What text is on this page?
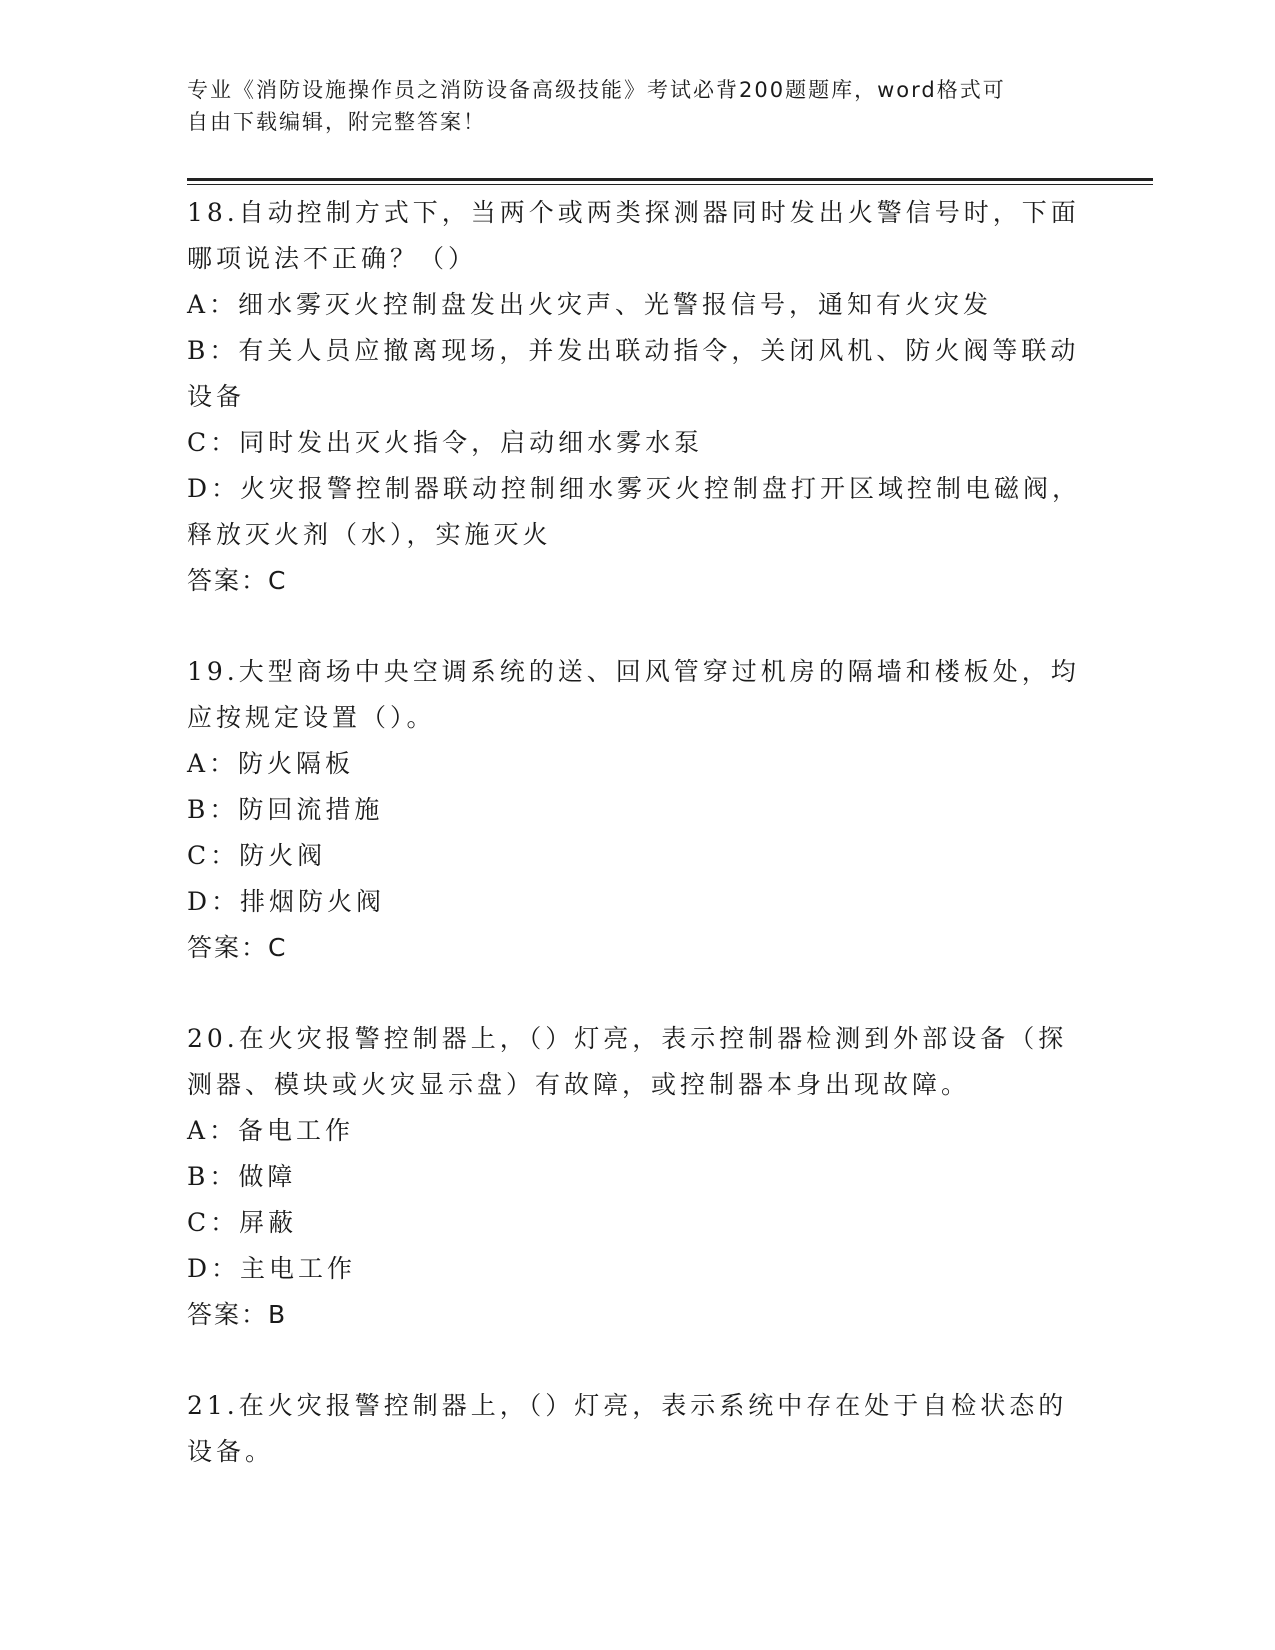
专业《消防设施操作员之消防设备高级技能》考试必背200题题库，word格式可
自由下载编辑，附完整答案！
18.自动控制方式下，当两个或两类探测器同时发出火警信号时，下面
哪项说法不正确？（）
A：细水雾灭火控制盘发出火灾声、光警报信号，通知有火灾发
B：有关人员应撤离现场，并发出联动指令，关闭风机、防火阀等联动
设备
C：同时发出灭火指令，启动细水雾水泵
D：火灾报警控制器联动控制细水雾灭火控制盘打开区域控制电磁阀，
释放灭火剂（水），实施灭火
答案：C
19.大型商场中央空调系统的送、回风管穿过机房的隔墙和楼板处，均
应按规定设置（）。
A：防火隔板
B：防回流措施
C：防火阀
D：排烟防火阀
答案：C
20.在火灾报警控制器上，（）灯亮，表示控制器检测到外部设备（探
测器、模块或火灾显示盘）有故障，或控制器本身出现故障。
A：备电工作
B：做障
C：屏蔽
D：主电工作
答案：B
21.在火灾报警控制器上，（）灯亮，表示系统中存在处于自检状态的
设备。
